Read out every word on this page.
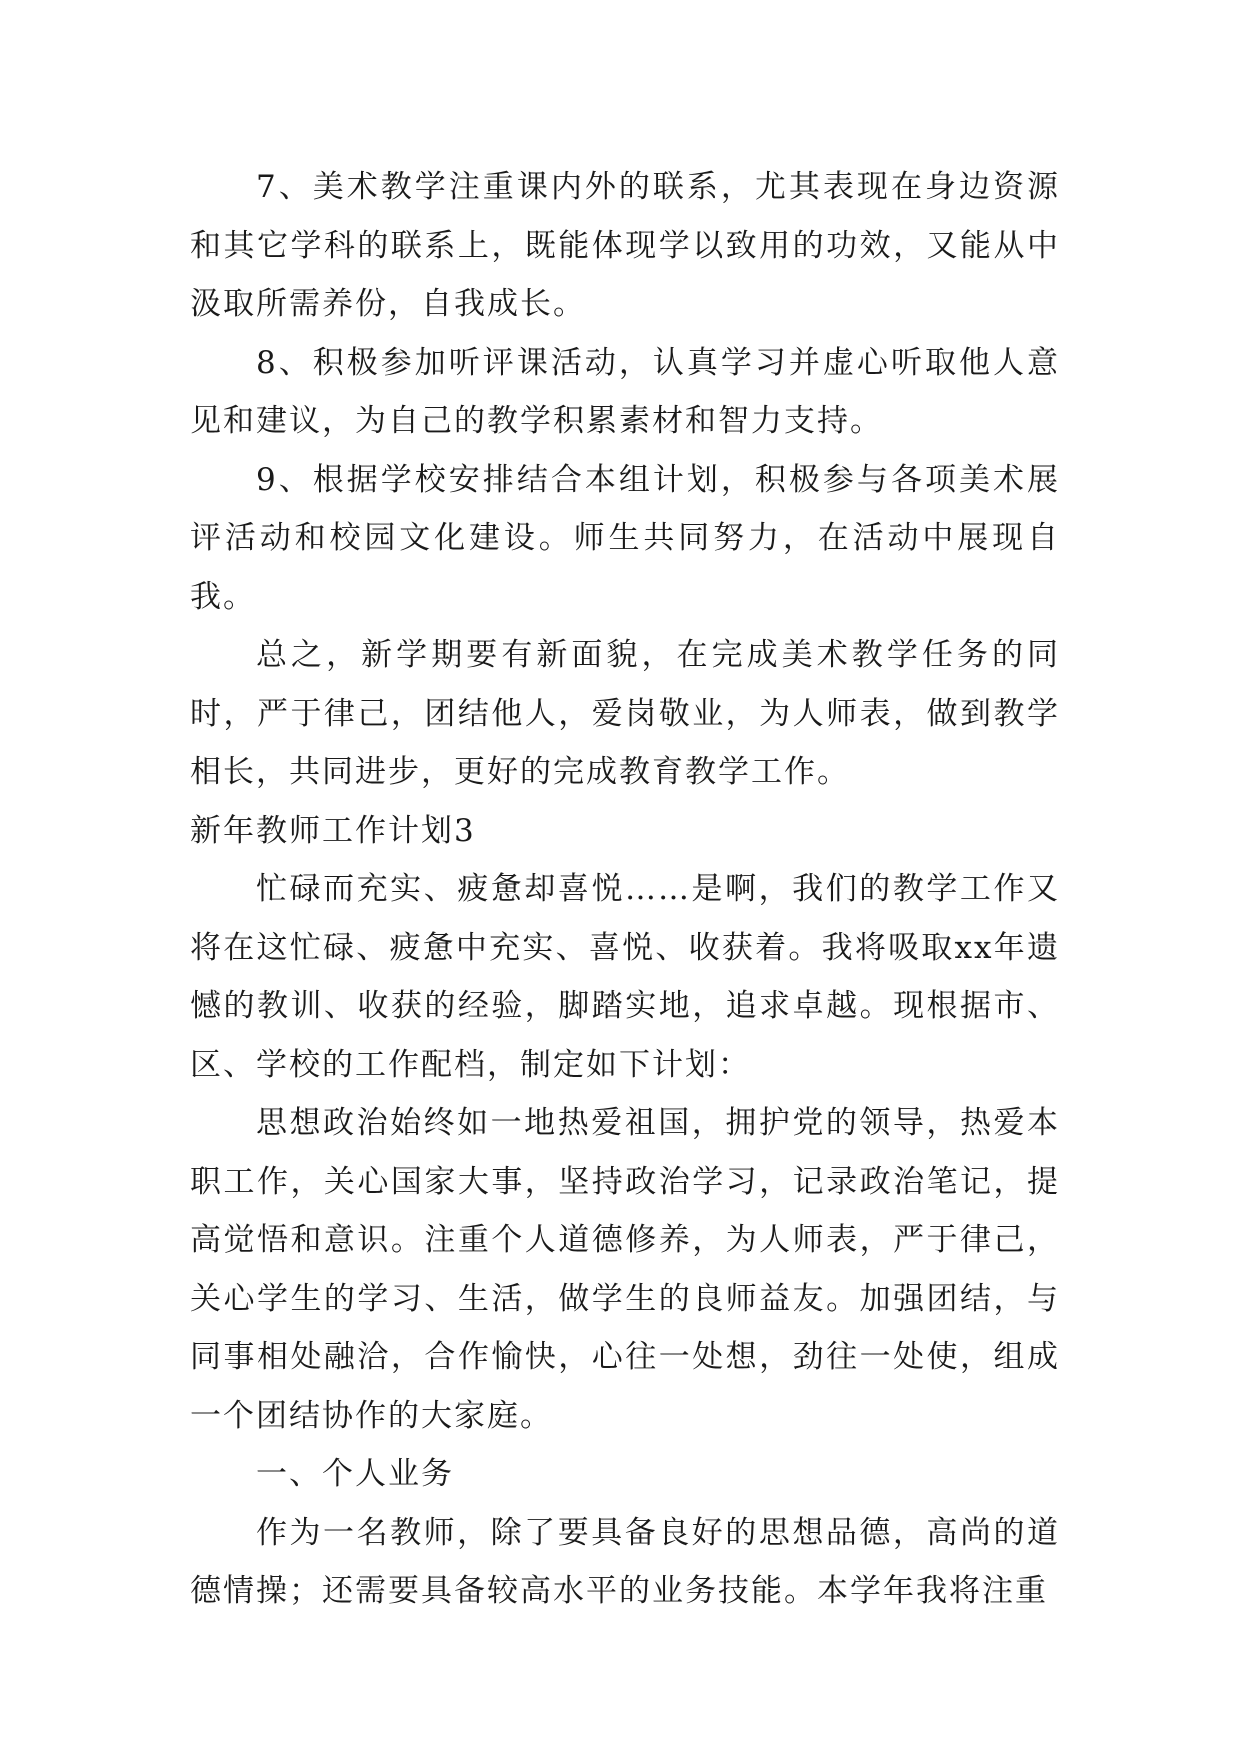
7、美术教学注重课内外的联系，尤其表现在身边资源和其它学科的联系上，既能体现学以致用的功效，又能从中汲取所需养份，自我成长。

8、积极参加听评课活动，认真学习并虚心听取他人意见和建议，为自己的教学积累素材和智力支持。

9、根据学校安排结合本组计划，积极参与各项美术展评活动和校园文化建设。师生共同努力，在活动中展现自我。

总之，新学期要有新面貌，在完成美术教学任务的同时，严于律己，团结他人，爱岗敬业，为人师表，做到教学相长，共同进步，更好的完成教育教学工作。

新年教师工作计划3

忙碌而充实、疲惫却喜悦……是啊，我们的教学工作又将在这忙碌、疲惫中充实、喜悦、收获着。我将吸取xx年遗憾的教训、收获的经验，脚踏实地，追求卓越。现根据市、区、学校的工作配档，制定如下计划：

思想政治始终如一地热爱祖国，拥护党的领导，热爱本职工作，关心国家大事，坚持政治学习，记录政治笔记，提高觉悟和意识。注重个人道德修养，为人师表，严于律己，关心学生的学习、生活，做学生的良师益友。加强团结，与同事相处融洽，合作愉快，心往一处想，劲往一处使，组成一个团结协作的大家庭。

一、个人业务

作为一名教师，除了要具备良好的思想品德，高尚的道德情操；还需要具备较高水平的业务技能。本学年我将注重
